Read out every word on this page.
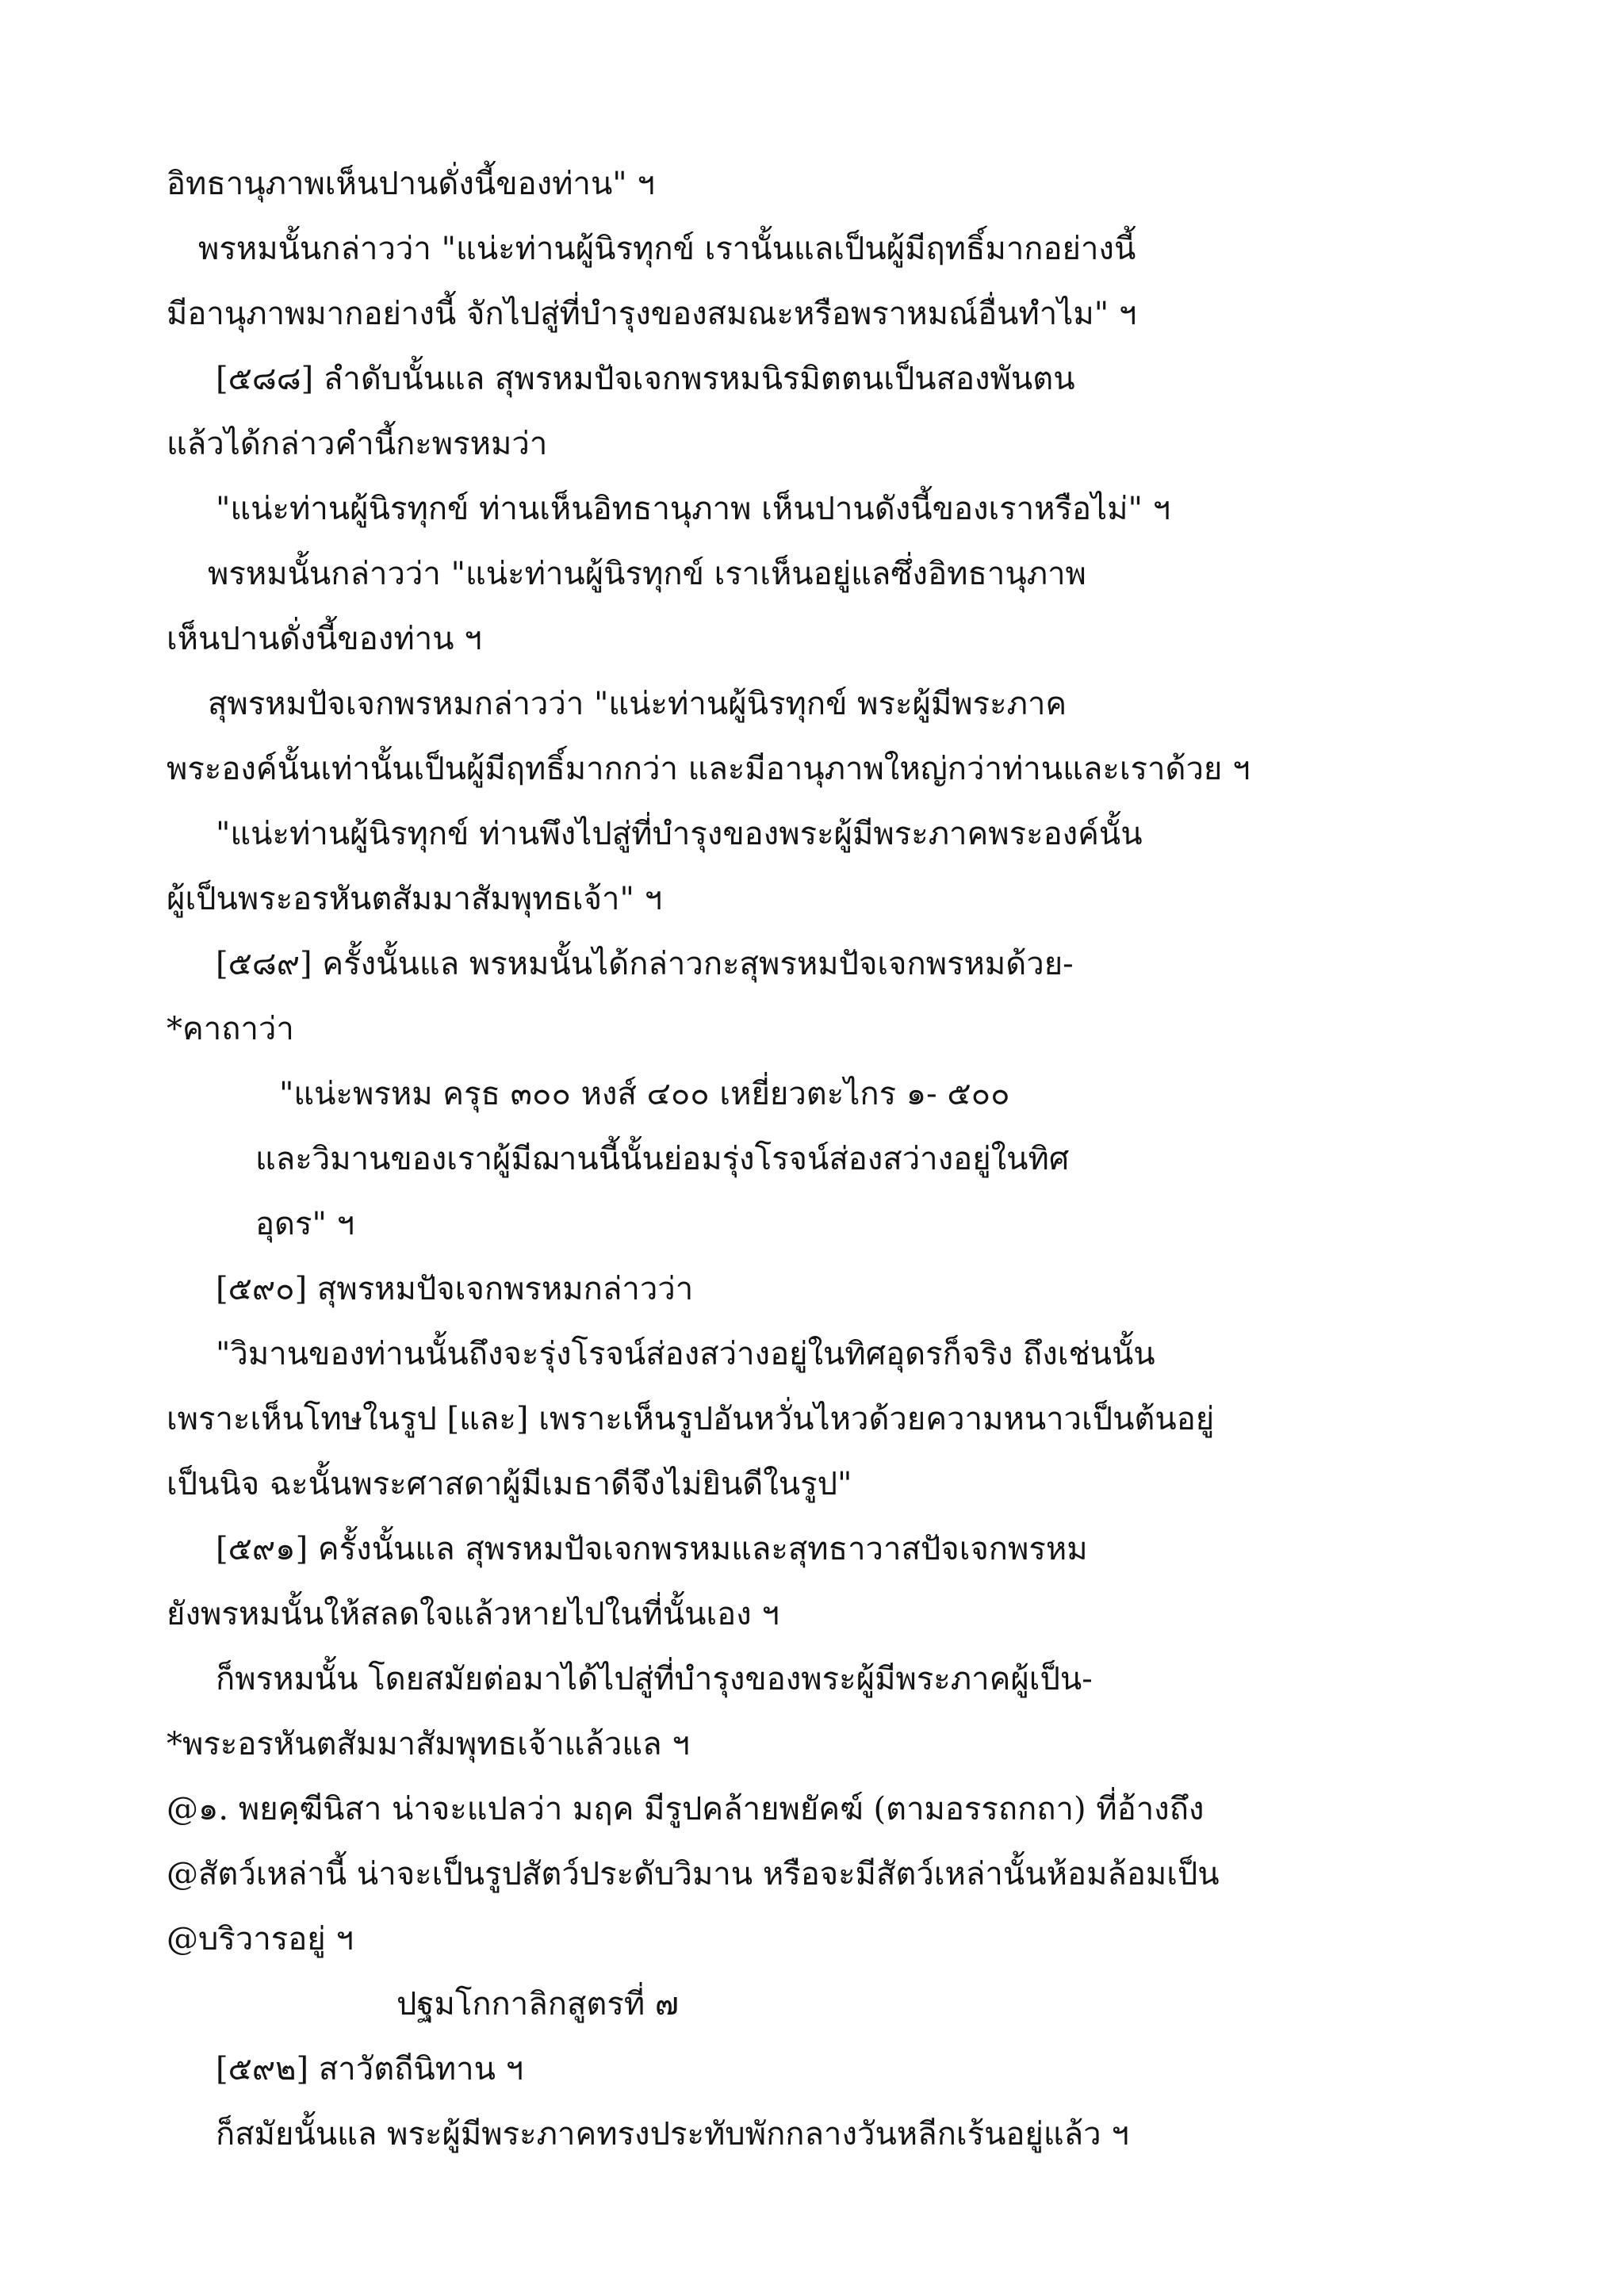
อิทธานุภาพเห็นปานดั่งนี้ของท่าน" ฯ
พรหมนั้นกล่าวว่า "แน่ะท่านผู้นิรทุกข์ เรานั้นแลเป็นผู้มีฤทธิ์มากอย่างนี้
มีอานุภาพมากอย่างนี้ จักไปสู่ที่บำรุงของสมณะหรือพราหมณ์อื่นทำไม" ฯ
[๕๘๘] ลำดับนั้นแล สุพรหมปัจเจกพรหมนิรมิตตนเป็นสองพันตน
แล้วได้กล่าวคำนี้กะพรหมว่า
"แน่ะท่านผู้นิรทุกข์ ท่านเห็นอิทธานุภาพ เห็นปานดังนี้ของเราหรือไม่" ฯ
พรหมนั้นกล่าวว่า "แน่ะท่านผู้นิรทุกข์ เราเห็นอยู่แลซึ่งอิทธานุภาพ
เห็นปานดั่งนี้ของท่าน ฯ
สุพรหมปัจเจกพรหมกล่าวว่า "แน่ะท่านผู้นิรทุกข์ พระผู้มีพระภาค
พระองค์นั้นเท่านั้นเป็นผู้มีฤทธิ์มากกว่า และมีอานุภาพใหญ่กว่าท่านและเราด้วย ฯ
"แน่ะท่านผู้นิรทุกข์ ท่านพึงไปสู่ที่บำรุงของพระผู้มีพระภาคพระองค์นั้น
ผู้เป็นพระอรหันตสัมมาสัมพุทธเจ้า" ฯ
[๕๘๙] ครั้งนั้นแล พรหมนั้นได้กล่าวกะสุพรหมปัจเจกพรหมด้วย-
*คาถาว่า
"แน่ะพรหม ครุธ ๓๐๐ หงส์ ๔๐๐ เหยี่ยวตะไกร ๑- ๕๐๐
และวิมานของเราผู้มีฌานนี้นั้นย่อมรุ่งโรจน์ส่องสว่างอยู่ในทิศ
อุดร" ฯ
[๕๙๐] สุพรหมปัจเจกพรหมกล่าวว่า
"วิมานของท่านนั้นถึงจะรุ่งโรจน์ส่องสว่างอยู่ในทิศอุดรก็จริง ถึงเช่นนั้น
เพราะเห็นโทษในรูป [และ] เพราะเห็นรูปอันหวั่นไหวด้วยความหนาวเป็นต้นอยู่
เป็นนิจ ฉะนั้นพระศาสดาผู้มีเมธาดีจึงไม่ยินดีในรูป"
[๕๙๑] ครั้งนั้นแล สุพรหมปัจเจกพรหมและสุทธาวาสปัจเจกพรหม
ยังพรหมนั้นให้สลดใจแล้วหายไปในที่นั้นเอง ฯ
ก็พรหมนั้น โดยสมัยต่อมาได้ไปสู่ที่บำรุงของพระผู้มีพระภาคผู้เป็น-
*พระอรหันตสัมมาสัมพุทธเจ้าแล้วแล ฯ
@๑. พยคฺฆีนิสา น่าจะแปลว่า มฤค มีรูปคล้ายพยัคฆ์ (ตามอรรถกถา) ที่อ้างถึง
@สัตว์เหล่านี้ น่าจะเป็นรูปสัตว์ประดับวิมาน หรือจะมีสัตว์เหล่านั้นห้อมล้อมเป็น
@บริวารอยู่ ฯ
ปฐมโกกาลิกสูตรที่ ๗
[๕๙๒] สาวัตถีนิทาน ฯ
ก็สมัยนั้นแล พระผู้มีพระภาคทรงประทับพักกลางวันหลีกเร้นอยู่แล้ว ฯ
